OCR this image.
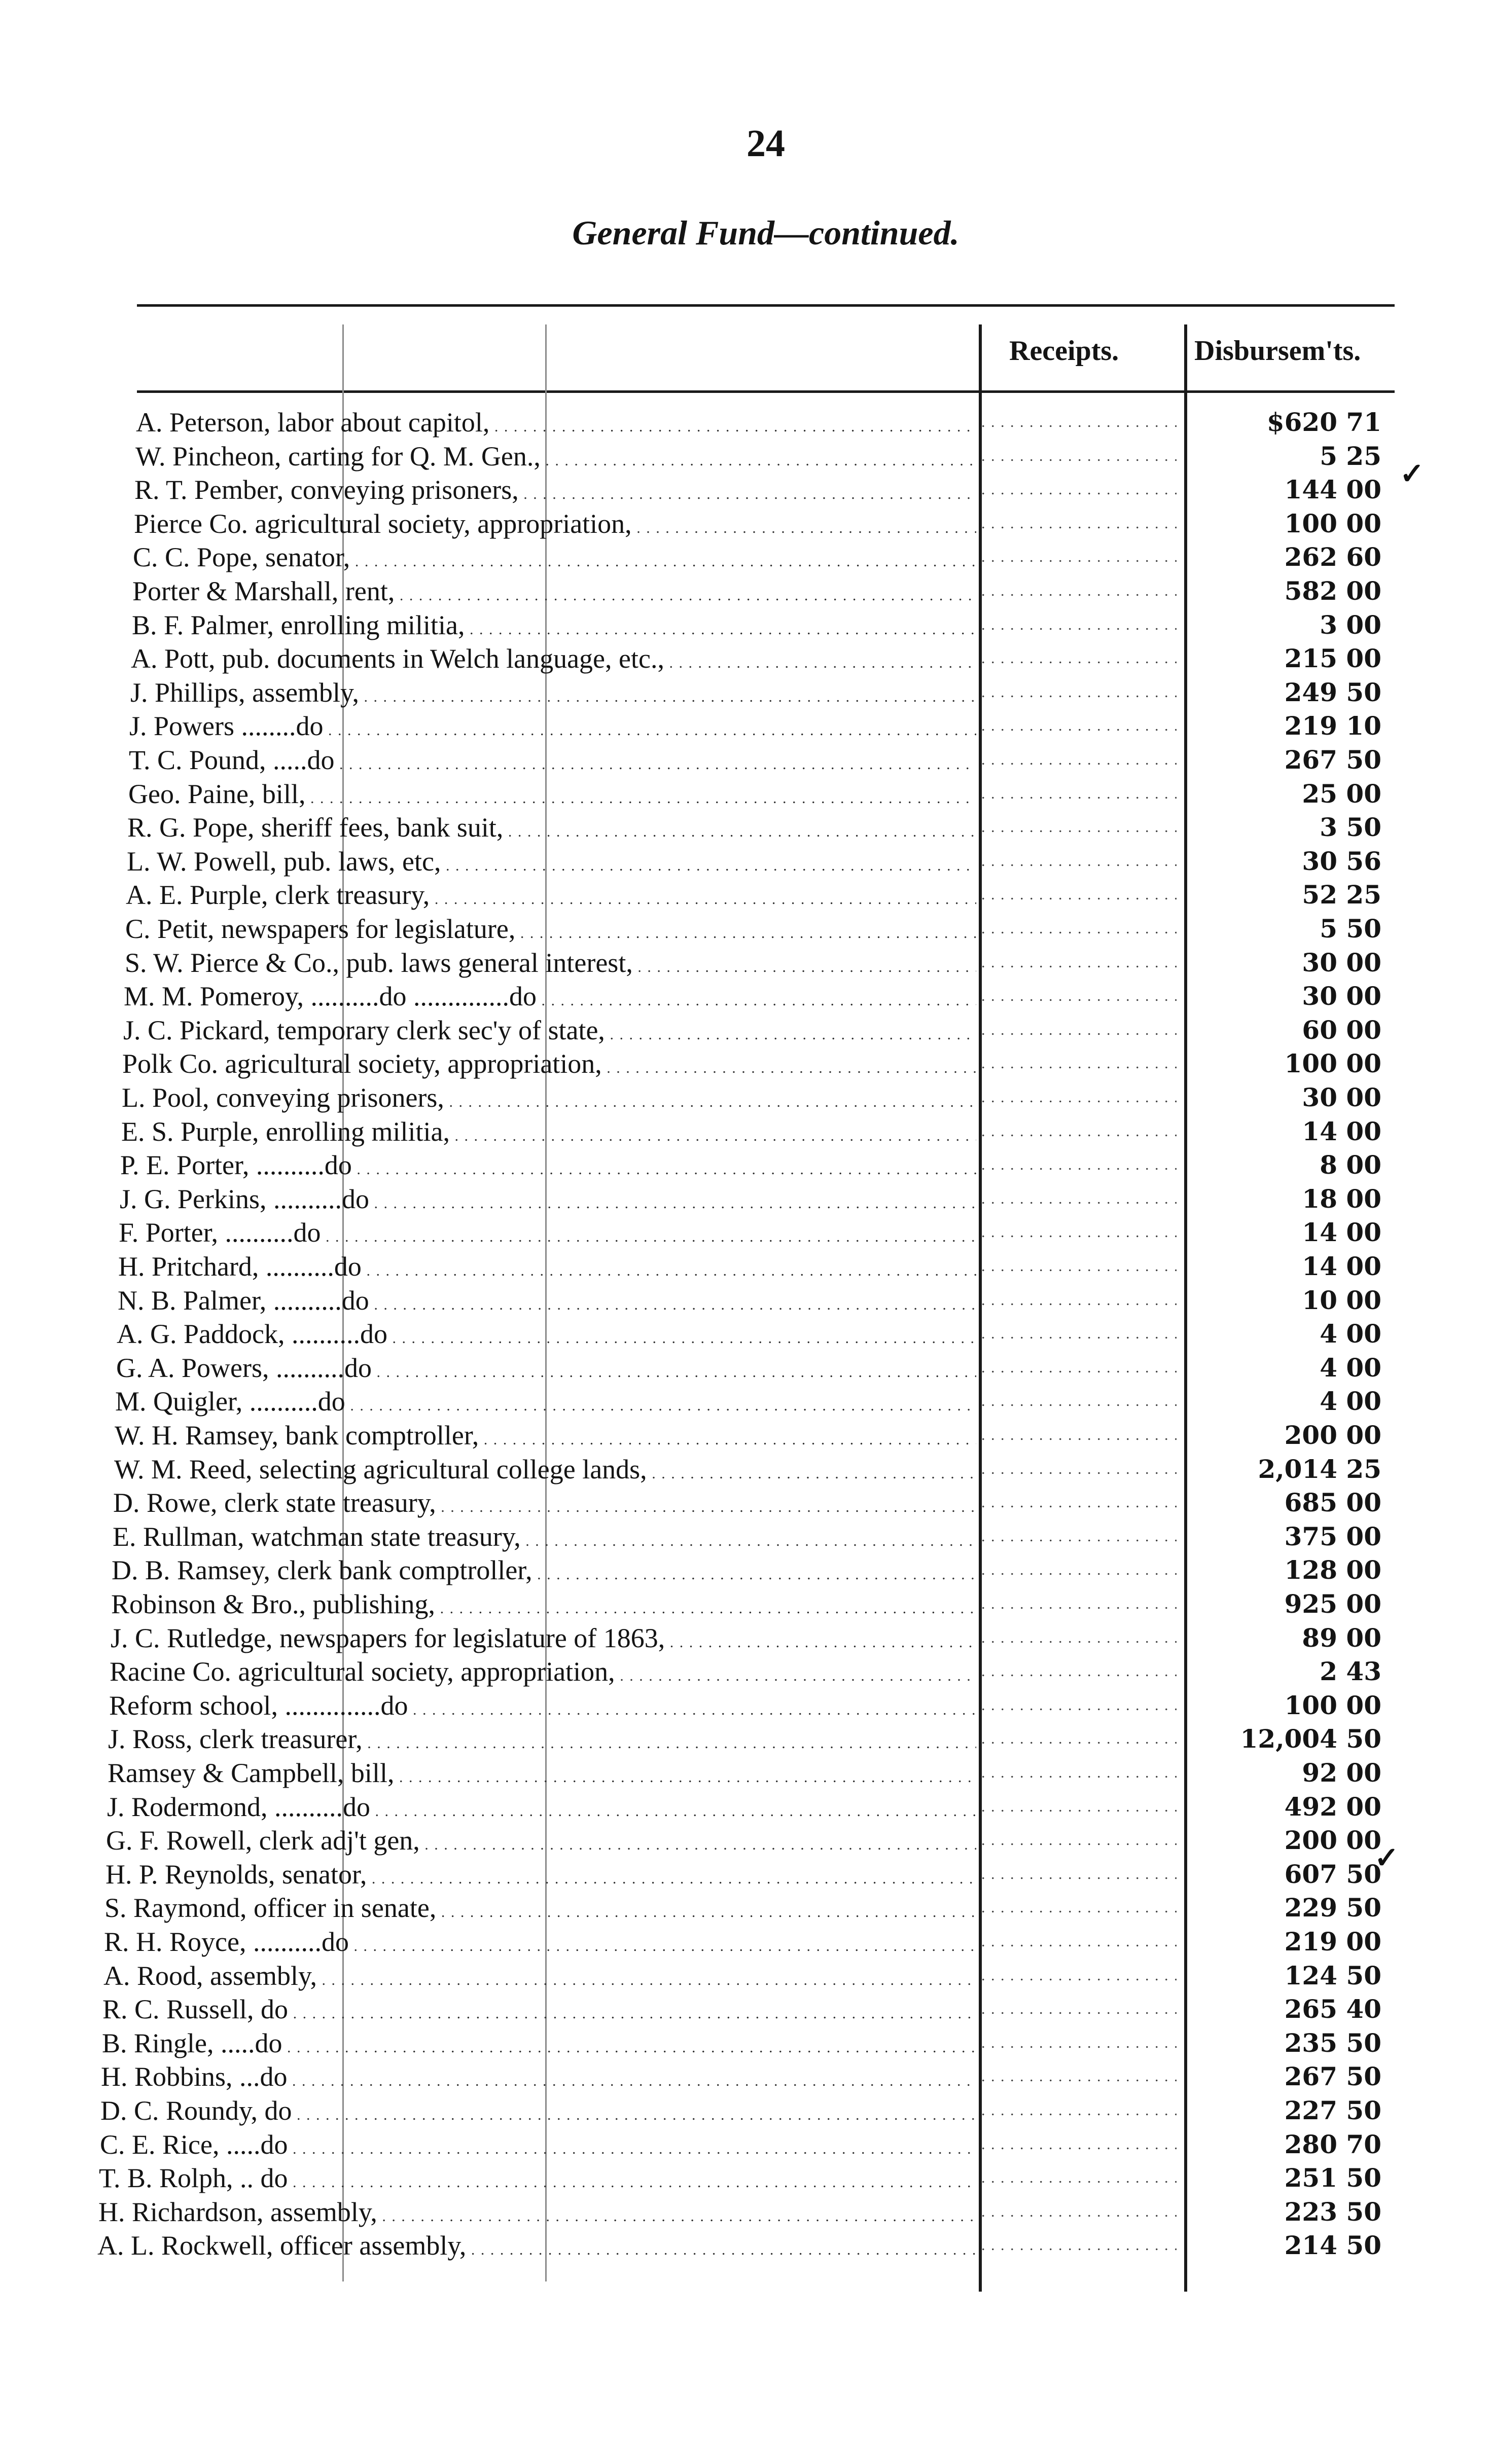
24
General Fund—continued.
Receipts.	Disbursem'ts.
A. Peterson, labor about capitol, . . . . . .	$620 71
W. Pincheon, carting for Q. M. Gen., . . . . . .	5 25
R. T. Pember, conveying prisoners, . . . . . .	144 00
Pierce Co. agricultural society, appropriation, . . . . . .	100 00
C. C. Pope, senator, . . . . . .	262 60
Porter & Marshall, rent, . . . . . .	582 00
B. F. Palmer, enrolling militia, . . . . . .	3 00
A. Pott, pub. documents in Welch language, etc., . . . . . .	215 00
J. Phillips, assembly, . . . . . .	249 50
J. Powers ........do . . . . . .	219 10
T. C. Pound, .....do . . . . . .	267 50
Geo. Paine, bill, . . . . . .	25 00
R. G. Pope, sheriff fees, bank suit, . . . . . .	3 50
L. W. Powell, pub. laws, etc, . . . . . .	30 56
A. E. Purple, clerk treasury, . . . . . .	52 25
C. Petit, newspapers for legislature, . . . . . .	5 50
S. W. Pierce & Co., pub. laws general interest, . . . . . .	30 00
M. M. Pomeroy, ..........do ..............do . . . . . .	30 00
J. C. Pickard, temporary clerk sec'y of state, . . . . . .	60 00
Polk Co. agricultural society, appropriation, . . . . . .	100 00
L. Pool, conveying prisoners, . . . . . .	30 00
E. S. Purple, enrolling militia, . . . . . .	14 00
P. E. Porter, ..........do . . . . . .	8 00
J. G. Perkins, ..........do . . . . . .	18 00
F. Porter, ..........do . . . . . .	14 00
H. Pritchard, ..........do . . . . . .	14 00
N. B. Palmer, ..........do . . . . . .	10 00
A. G. Paddock, ..........do . . . . . .	4 00
G. A. Powers, ..........do . . . . . .	4 00
M. Quigler, ..........do . . . . . .	4 00
W. H. Ramsey, bank comptroller, . . . . . .	200 00
W. M. Reed, selecting agricultural college lands, . . . . . .	2,014 25
D. Rowe, clerk state treasury, . . . . . .	685 00
E. Rullman, watchman state treasury, . . . . . .	375 00
D. B. Ramsey, clerk bank comptroller, . . . . . .	128 00
Robinson & Bro., publishing, . . . . . .	925 00
J. C. Rutledge, newspapers for legislature of 1863, . . . . . .	89 00
Racine Co. agricultural society, appropriation, . . . . . .	2 43
Reform school, ..............do . . . . . .	100 00
J. Ross, clerk treasurer, . . . . . .	12,004 50
Ramsey & Campbell, bill, . . . . . .	92 00
J. Rodermond, ..........do . . . . . .	492 00
G. F. Rowell, clerk adj't gen, . . . . . .	200 00
H. P. Reynolds, senator, . . . . . .	607 50
S. Raymond, officer in senate, . . . . . .	229 50
R. H. Royce, ..........do . . . . . .	219 00
A. Rood, assembly, . . . . . .	124 50
R. C. Russell, do . . . . . .	265 40
B. Ringle, .....do . . . . . .	235 50
H. Robbins, ...do . . . . . .	267 50
D. C. Roundy, do . . . . . .	227 50
C. E. Rice, .....do . . . . . .	280 70
T. B. Rolph, .. do . . . . . .	251 50
H. Richardson, assembly, . . . . . .	223 50
A. L. Rockwell, officer assembly, . . . . . .	214 50
✓
✓
